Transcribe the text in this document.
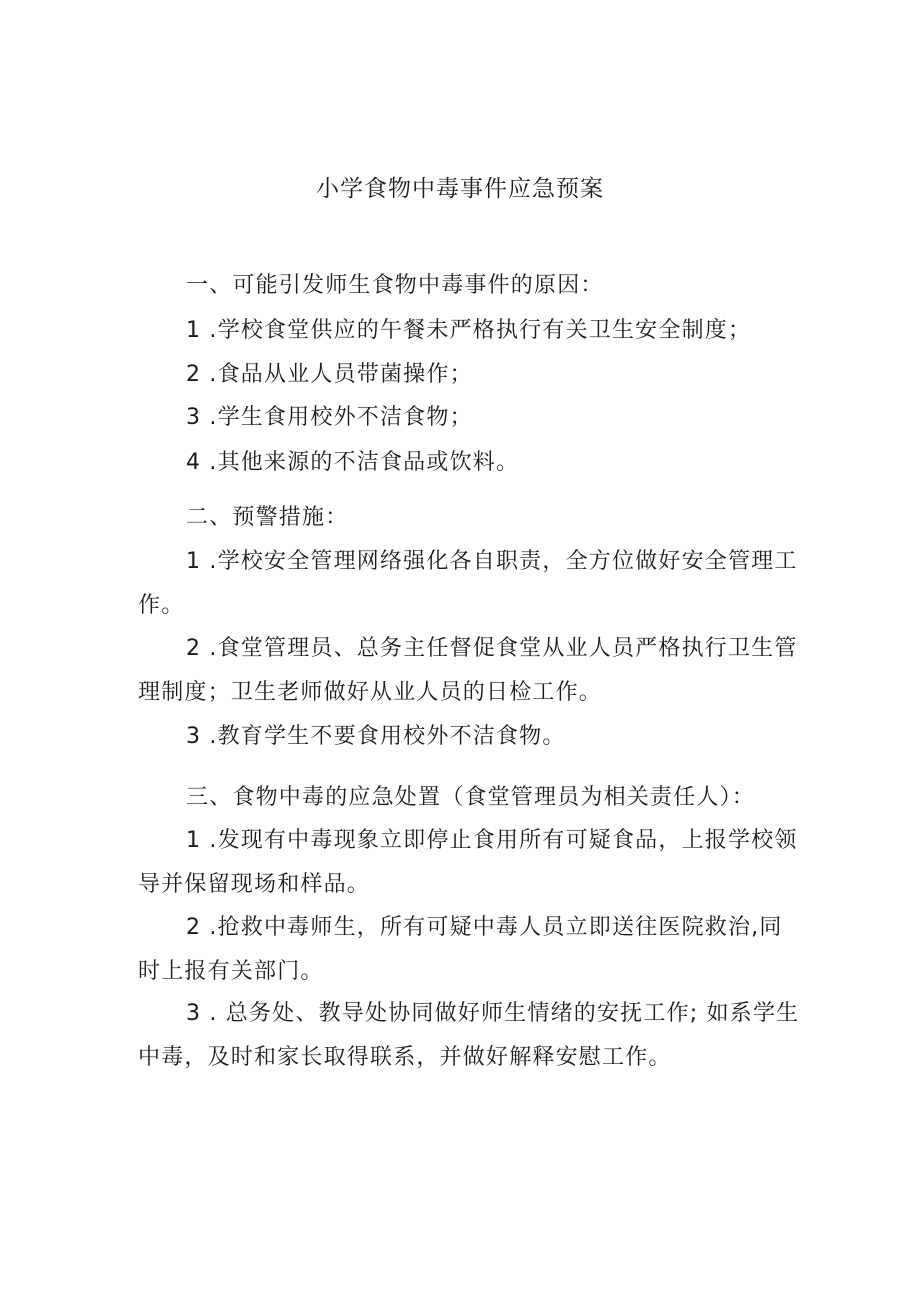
小学食物中毒事件应急预案
一、可能引发师生食物中毒事件的原因：
1 .学校食堂供应的午餐未严格执行有关卫生安全制度；
2 .食品从业人员带菌操作；
3 .学生食用校外不洁食物；
4 .其他来源的不洁食品或饮料。
二、预警措施：
1 .学校安全管理网络强化各自职责，全方位做好安全管理工
作。
2 .食堂管理员、总务主任督促食堂从业人员严格执行卫生管
理制度；卫生老师做好从业人员的日检工作。
3 .教育学生不要食用校外不洁食物。
三、食物中毒的应急处置（食堂管理员为相关责任人）：
1 .发现有中毒现象立即停止食用所有可疑食品，上报学校领
导并保留现场和样品。
2 .抢救中毒师生，所有可疑中毒人员立即送往医院救治,同
时上报有关部门。
3 . 总务处、教导处协同做好师生情绪的安抚工作; 如系学生
中毒，及时和家长取得联系，并做好解释安慰工作。
